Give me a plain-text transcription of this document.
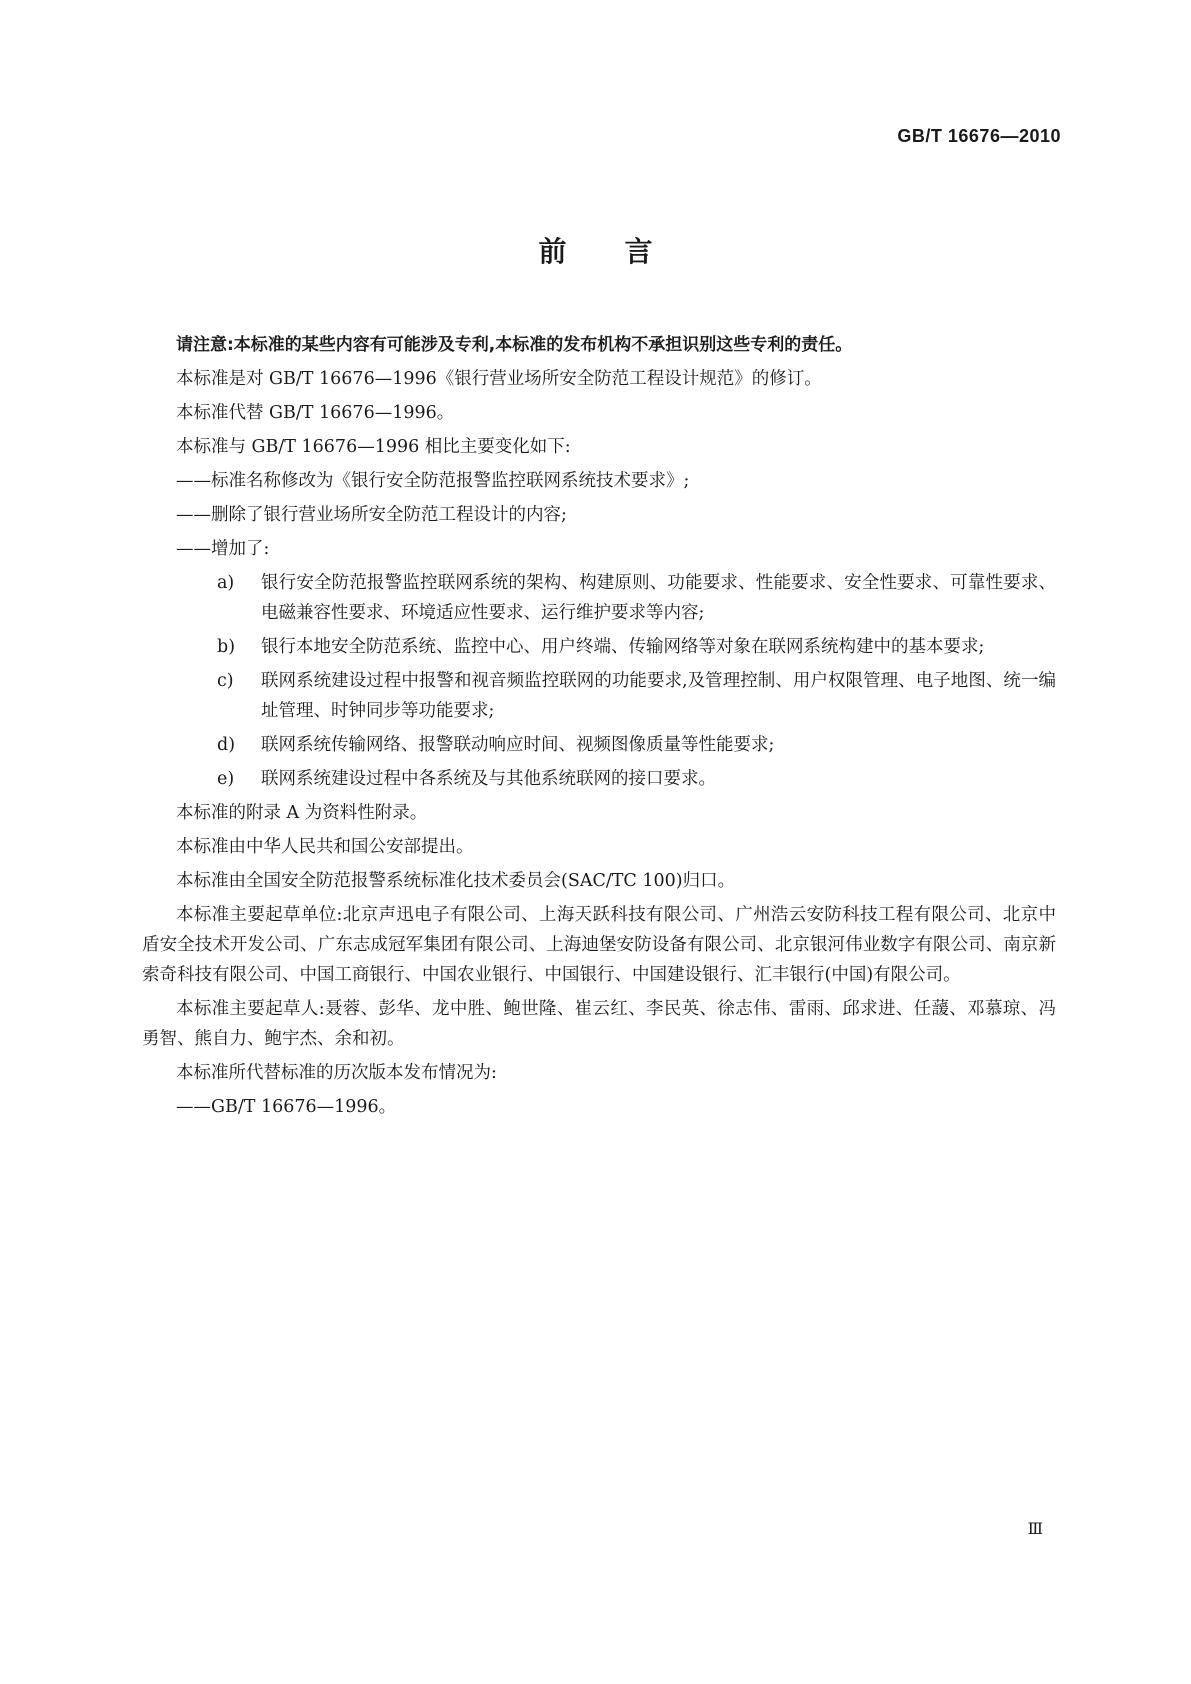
GB/T 16676—2010
前 言
请注意:本标准的某些内容有可能涉及专利,本标准的发布机构不承担识别这些专利的责任。
本标准是对 GB/T 16676—1996《银行营业场所安全防范工程设计规范》的修订。
本标准代替 GB/T 16676—1996。
本标准与 GB/T 16676—1996 相比主要变化如下:
——标准名称修改为《银行安全防范报警监控联网系统技术要求》;
——删除了银行营业场所安全防范工程设计的内容;
——增加了:
a) 银行安全防范报警监控联网系统的架构、构建原则、功能要求、性能要求、安全性要求、可靠性要求、电磁兼容性要求、环境适应性要求、运行维护要求等内容;
b) 银行本地安全防范系统、监控中心、用户终端、传输网络等对象在联网系统构建中的基本要求;
c) 联网系统建设过程中报警和视音频监控联网的功能要求,及管理控制、用户权限管理、电子地图、统一编址管理、时钟同步等功能要求;
d) 联网系统传输网络、报警联动响应时间、视频图像质量等性能要求;
e) 联网系统建设过程中各系统及与其他系统联网的接口要求。
本标准的附录 A 为资料性附录。
本标准由中华人民共和国公安部提出。
本标准由全国安全防范报警系统标准化技术委员会(SAC/TC 100)归口。
本标准主要起草单位:北京声迅电子有限公司、上海天跃科技有限公司、广州浩云安防科技工程有限公司、北京中盾安全技术开发公司、广东志成冠军集团有限公司、上海迪堡安防设备有限公司、北京银河伟业数字有限公司、南京新索奇科技有限公司、中国工商银行、中国农业银行、中国银行、中国建设银行、汇丰银行(中国)有限公司。
本标准主要起草人:聂蓉、彭华、龙中胜、鲍世隆、崔云红、李民英、徐志伟、雷雨、邱求进、任蘐、邓慕琼、冯勇智、熊自力、鲍宇杰、余和初。
本标准所代替标准的历次版本发布情况为:
——GB/T 16676—1996。
Ⅲ
